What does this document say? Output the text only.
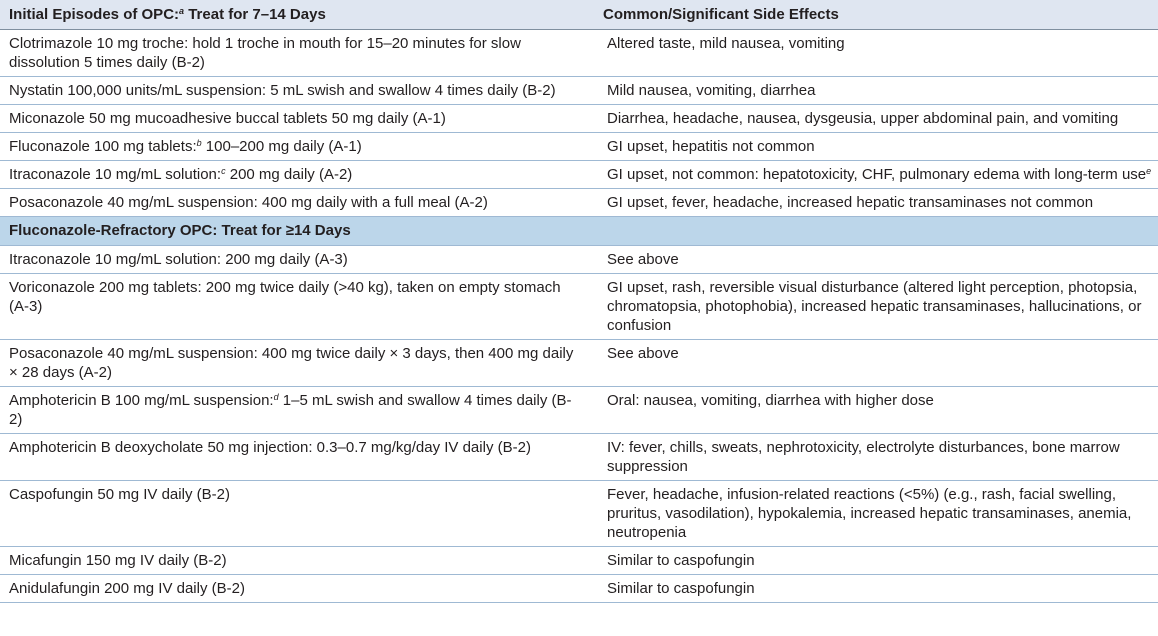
Initial Episodes of OPC:$^a$ Treat for 7–14 Days	Common/Significant Side Effects
Clotrimazole 10 mg troche: hold 1 troche in mouth for 15–20 minutes for slow dissolution 5 times daily (B-2)	Altered taste, mild nausea, vomiting
Nystatin 100,000 units/mL suspension: 5 mL swish and swallow 4 times daily (B-2)	Mild nausea, vomiting, diarrhea
Miconazole 50 mg mucoadhesive buccal tablets 50 mg daily (A-1)	Diarrhea, headache, nausea, dysgeusia, upper abdominal pain, and vomiting
Fluconazole 100 mg tablets:$^b$ 100–200 mg daily (A-1)	GI upset, hepatitis not common
Itraconazole 10 mg/mL solution:$^c$ 200 mg daily (A-2)	GI upset, not common: hepatotoxicity, CHF, pulmonary edema with long-term use$^e$
Posaconazole 40 mg/mL suspension: 400 mg daily with a full meal (A-2)	GI upset, fever, headache, increased hepatic transaminases not common
Fluconazole-Refractory OPC: Treat for ≥14 Days	
Itraconazole 10 mg/mL solution: 200 mg daily (A-3)	See above
Voriconazole 200 mg tablets: 200 mg twice daily (>40 kg), taken on empty stomach (A-3)	GI upset, rash, reversible visual disturbance (altered light perception, photopsia, chromatopsia, photophobia), increased hepatic transaminases, hallucinations, or confusion
Posaconazole 40 mg/mL suspension: 400 mg twice daily × 3 days, then 400 mg daily × 28 days (A-2)	See above
Amphotericin B 100 mg/mL suspension:$^d$ 1–5 mL swish and swallow 4 times daily (B-2)	Oral: nausea, vomiting, diarrhea with higher dose
Amphotericin B deoxycholate 50 mg injection: 0.3–0.7 mg/kg/day IV daily (B-2)	IV: fever, chills, sweats, nephrotoxicity, electrolyte disturbances, bone marrow suppression
Caspofungin 50 mg IV daily (B-2)	Fever, headache, infusion-related reactions (<5%) (e.g., rash, facial swelling, pruritus, vasodilation), hypokalemia, increased hepatic transaminases, anemia, neutropenia
Micafungin 150 mg IV daily (B-2)	Similar to caspofungin
Anidulafungin 200 mg IV daily (B-2)	Similar to caspofungin
